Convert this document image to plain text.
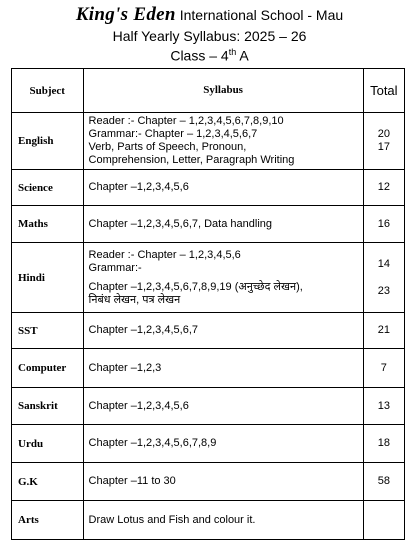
King's Eden International School - Mau
Half Yearly Syllabus: 2025 – 26
Class – 4th A
Subject	Syllabus	Total
English	Reader :- Chapter – 1,2,3,4,5,6,7,8,9,10
Grammar:- Chapter – 1,2,3,4,5,6,7
Verb, Parts of Speech, Pronoun,
Comprehension, Letter, Paragraph Writing	20
17

Science	Chapter –1,2,3,4,5,6	12
Maths	Chapter –1,2,3,4,5,6,7, Data handling	16
Hindi	Reader :- Chapter – 1,2,3,4,5,6
Grammar:-
Chapter –1,2,3,4,5,6,7,8,9,19 (अनुच्छेद लेखन),
निबंध लेखन, पत्र लेखन	14
23

SST	Chapter –1,2,3,4,5,6,7	21
Computer	Chapter –1,2,3	7
Sanskrit	Chapter –1,2,3,4,5,6	13
Urdu	Chapter –1,2,3,4,5,6,7,8,9	18
G.K	Chapter –11 to 30	58
Arts	Draw Lotus and Fish and colour it.	
